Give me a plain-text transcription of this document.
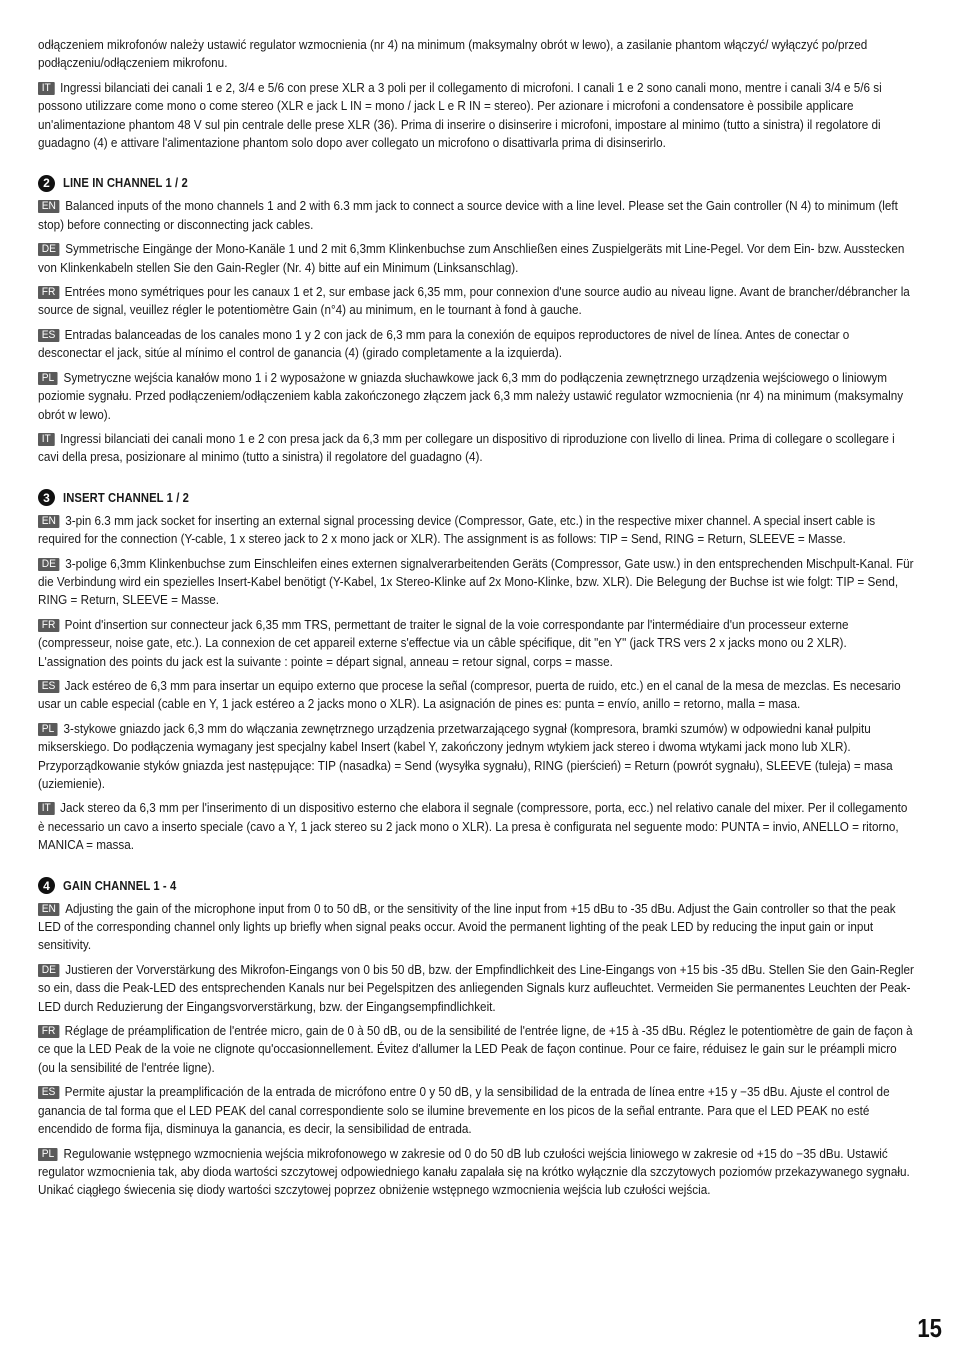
odłączeniem mikrofonów należy ustawić regulator wzmocnienia (nr 4) na minimum (maksymalny obrót w lewo), a zasilanie phantom włączyć/ wyłączyć po/przed podłączeniu/odłączeniem mikrofonu.

IT Ingressi bilanciati dei canali 1 e 2, 3/4 e 5/6 con prese XLR a 3 poli per il collegamento di microfoni. I canali 1 e 2 sono canali mono, mentre i canali 3/4 e 5/6 si possono utilizzare come mono o come stereo (XLR e jack L IN = mono / jack L e R IN = stereo). Per azionare i microfoni a condensatore è possibile applicare un'alimentazione phantom 48 V sul pin centrale delle prese XLR (36). Prima di inserire o disinserire i microfoni, impostare al minimo (tutto a sinistra) il regolatore di guadagno (4) e attivare l'alimentazione phantom solo dopo aver collegato un microfono o disattivarla prima di disinserirlo.

2	LINE IN CHANNEL 1 / 2

EN Balanced inputs of the mono channels 1 and 2 with 6.3 mm jack to connect a source device with a line level. Please set the Gain controller (N 4) to minimum (left stop) before connecting or disconnecting jack cables.

DE Symmetrische Eingänge der Mono-Kanäle 1 und 2 mit 6,3mm Klinkenbuchse zum Anschließen eines Zuspielgeräts mit Line-Pegel. Vor dem Ein- bzw. Ausstecken von Klinkenkabeln stellen Sie den Gain-Regler (Nr. 4) bitte auf ein Minimum (Linksanschlag).

FR Entrées mono symétriques pour les canaux 1 et 2, sur embase jack 6,35 mm, pour connexion d'une source audio au niveau ligne. Avant de brancher/débrancher la source de signal, veuillez régler le potentiomètre Gain (n°4) au minimum, en le tournant à fond à gauche.

ES Entradas balanceadas de los canales mono 1 y 2 con jack de 6,3 mm para la conexión de equipos reproductores de nivel de línea. Antes de conectar o desconectar el jack, sitúe al mínimo el control de ganancia (4) (girado completamente a la izquierda).

PL Symetryczne wejścia kanałów mono 1 i 2 wyposażone w gniazda słuchawkowe jack 6,3 mm do podłączenia zewnętrznego urządzenia wejściowego o liniowym poziomie sygnału. Przed podłączeniem/odłączeniem kabla zakończonego złączem jack 6,3 mm należy ustawić regulator wzmocnienia (nr 4) na minimum (maksymalny obrót w lewo).

IT Ingressi bilanciati dei canali mono 1 e 2 con presa jack da 6,3 mm per collegare un dispositivo di riproduzione con livello di linea. Prima di collegare o scollegare i cavi della presa, posizionare al minimo (tutto a sinistra) il regolatore del guadagno (4).

3	INSERT CHANNEL 1 / 2

EN 3-pin 6.3 mm jack socket for inserting an external signal processing device (Compressor, Gate, etc.) in the respective mixer channel. A special insert cable is required for the connection (Y-cable, 1 x stereo jack to 2 x mono jack or XLR). The assignment is as follows: TIP = Send, RING = Return, SLEEVE = Masse.

DE 3-polige 6,3mm Klinkenbuchse zum Einschleifen eines externen signalverarbeitenden Geräts (Compressor, Gate usw.) in den entsprechenden Mischpult-Kanal. Für die Verbindung wird ein spezielles Insert-Kabel benötigt (Y-Kabel, 1x Stereo-Klinke auf 2x Mono-Klinke, bzw. XLR). Die Belegung der Buchse ist wie folgt: TIP = Send, RING = Return, SLEEVE = Masse.

FR Point d'insertion sur connecteur jack 6,35 mm TRS, permettant de traiter le signal de la voie correspondante par l'intermédiaire d'un processeur externe (compresseur, noise gate, etc.). La connexion de cet appareil externe s'effectue via un câble spécifique, dit "en Y" (jack TRS vers 2 x jacks mono ou 2 XLR). L'assignation des points du jack est la suivante : pointe = départ signal, anneau = retour signal, corps = masse.

ES Jack estéreo de 6,3 mm para insertar un equipo externo que procese la señal (compresor, puerta de ruido, etc.) en el canal de la mesa de mezclas. Es necesario usar un cable especial (cable en Y, 1 jack estéreo a 2 jacks mono o XLR). La asignación de pines es: punta = envío, anillo = retorno, malla = masa.

PL 3-stykowe gniazdo jack 6,3 mm do włączania zewnętrznego urządzenia przetwarzającego sygnał (kompresora, bramki szumów) w odpowiedni kanał pulpitu mikserskiego. Do podłączenia wymagany jest specjalny kabel Insert (kabel Y, zakończony jednym wtykiem jack stereo i dwoma wtykami jack mono lub XLR). Przyporządkowanie styków gniazda jest następujące: TIP (nasadka) = Send (wysyłka sygnału), RING (pierścień) = Return (powrót sygnału), SLEEVE (tuleja) = masa (uziemienie).

IT Jack stereo da 6,3 mm per l'inserimento di un dispositivo esterno che elabora il segnale (compressore, porta, ecc.) nel relativo canale del mixer. Per il collegamento è necessario un cavo a inserto speciale (cavo a Y, 1 jack stereo su 2 jack mono o XLR). La presa è configurata nel seguente modo: PUNTA = invio, ANELLO = ritorno, MANICA = massa.

4	GAIN CHANNEL 1 - 4

EN Adjusting the gain of the microphone input from 0 to 50 dB, or the sensitivity of the line input from +15 dBu to -35 dBu. Adjust the Gain controller so that the peak LED of the corresponding channel only lights up briefly when signal peaks occur. Avoid the permanent lighting of the peak LED by reducing the input gain or input sensitivity.

DE Justieren der Vorverstärkung des Mikrofon-Eingangs von 0 bis 50 dB, bzw. der Empfindlichkeit des Line-Eingangs von +15 bis -35 dBu. Stellen Sie den Gain-Regler so ein, dass die Peak-LED des entsprechenden Kanals nur bei Pegelspitzen des anliegenden Signals kurz aufleuchtet. Vermeiden Sie permanentes Leuchten der Peak-LED durch Reduzierung der Eingangsvorverstärkung, bzw. der Eingangsempfindlichkeit.

FR Réglage de préamplification de l'entrée micro, gain de 0 à 50 dB, ou de la sensibilité de l'entrée ligne, de +15 à -35 dBu. Réglez le potentiomètre de gain de façon à ce que la LED Peak de la voie ne clignote qu'occasionnellement. Évitez d'allumer la LED Peak de façon continue. Pour ce faire, réduisez le gain sur le préampli micro (ou la sensibilité de l'entrée ligne).

ES Permite ajustar la preamplificación de la entrada de micrófono entre 0 y 50 dB, y la sensibilidad de la entrada de línea entre +15 y −35 dBu. Ajuste el control de ganancia de tal forma que el LED PEAK del canal correspondiente solo se ilumine brevemente en los picos de la señal entrante. Para que el LED PEAK no esté encendido de forma fija, disminuya la ganancia, es decir, la sensibilidad de entrada.

PL Regulowanie wstępnego wzmocnienia wejścia mikrofonowego w zakresie od 0 do 50 dB lub czułości wejścia liniowego w zakresie od +15 do −35 dBu. Ustawić regulator wzmocnienia tak, aby dioda wartości szczytowej odpowiedniego kanału zapalała się na krótko wyłącznie dla szczytowych poziomów przekazywanego sygnału. Unikać ciągłego świecenia się diody wartości szczytowej poprzez obniżenie wstępnego wzmocnienia wejścia lub czułości wejścia.

15
